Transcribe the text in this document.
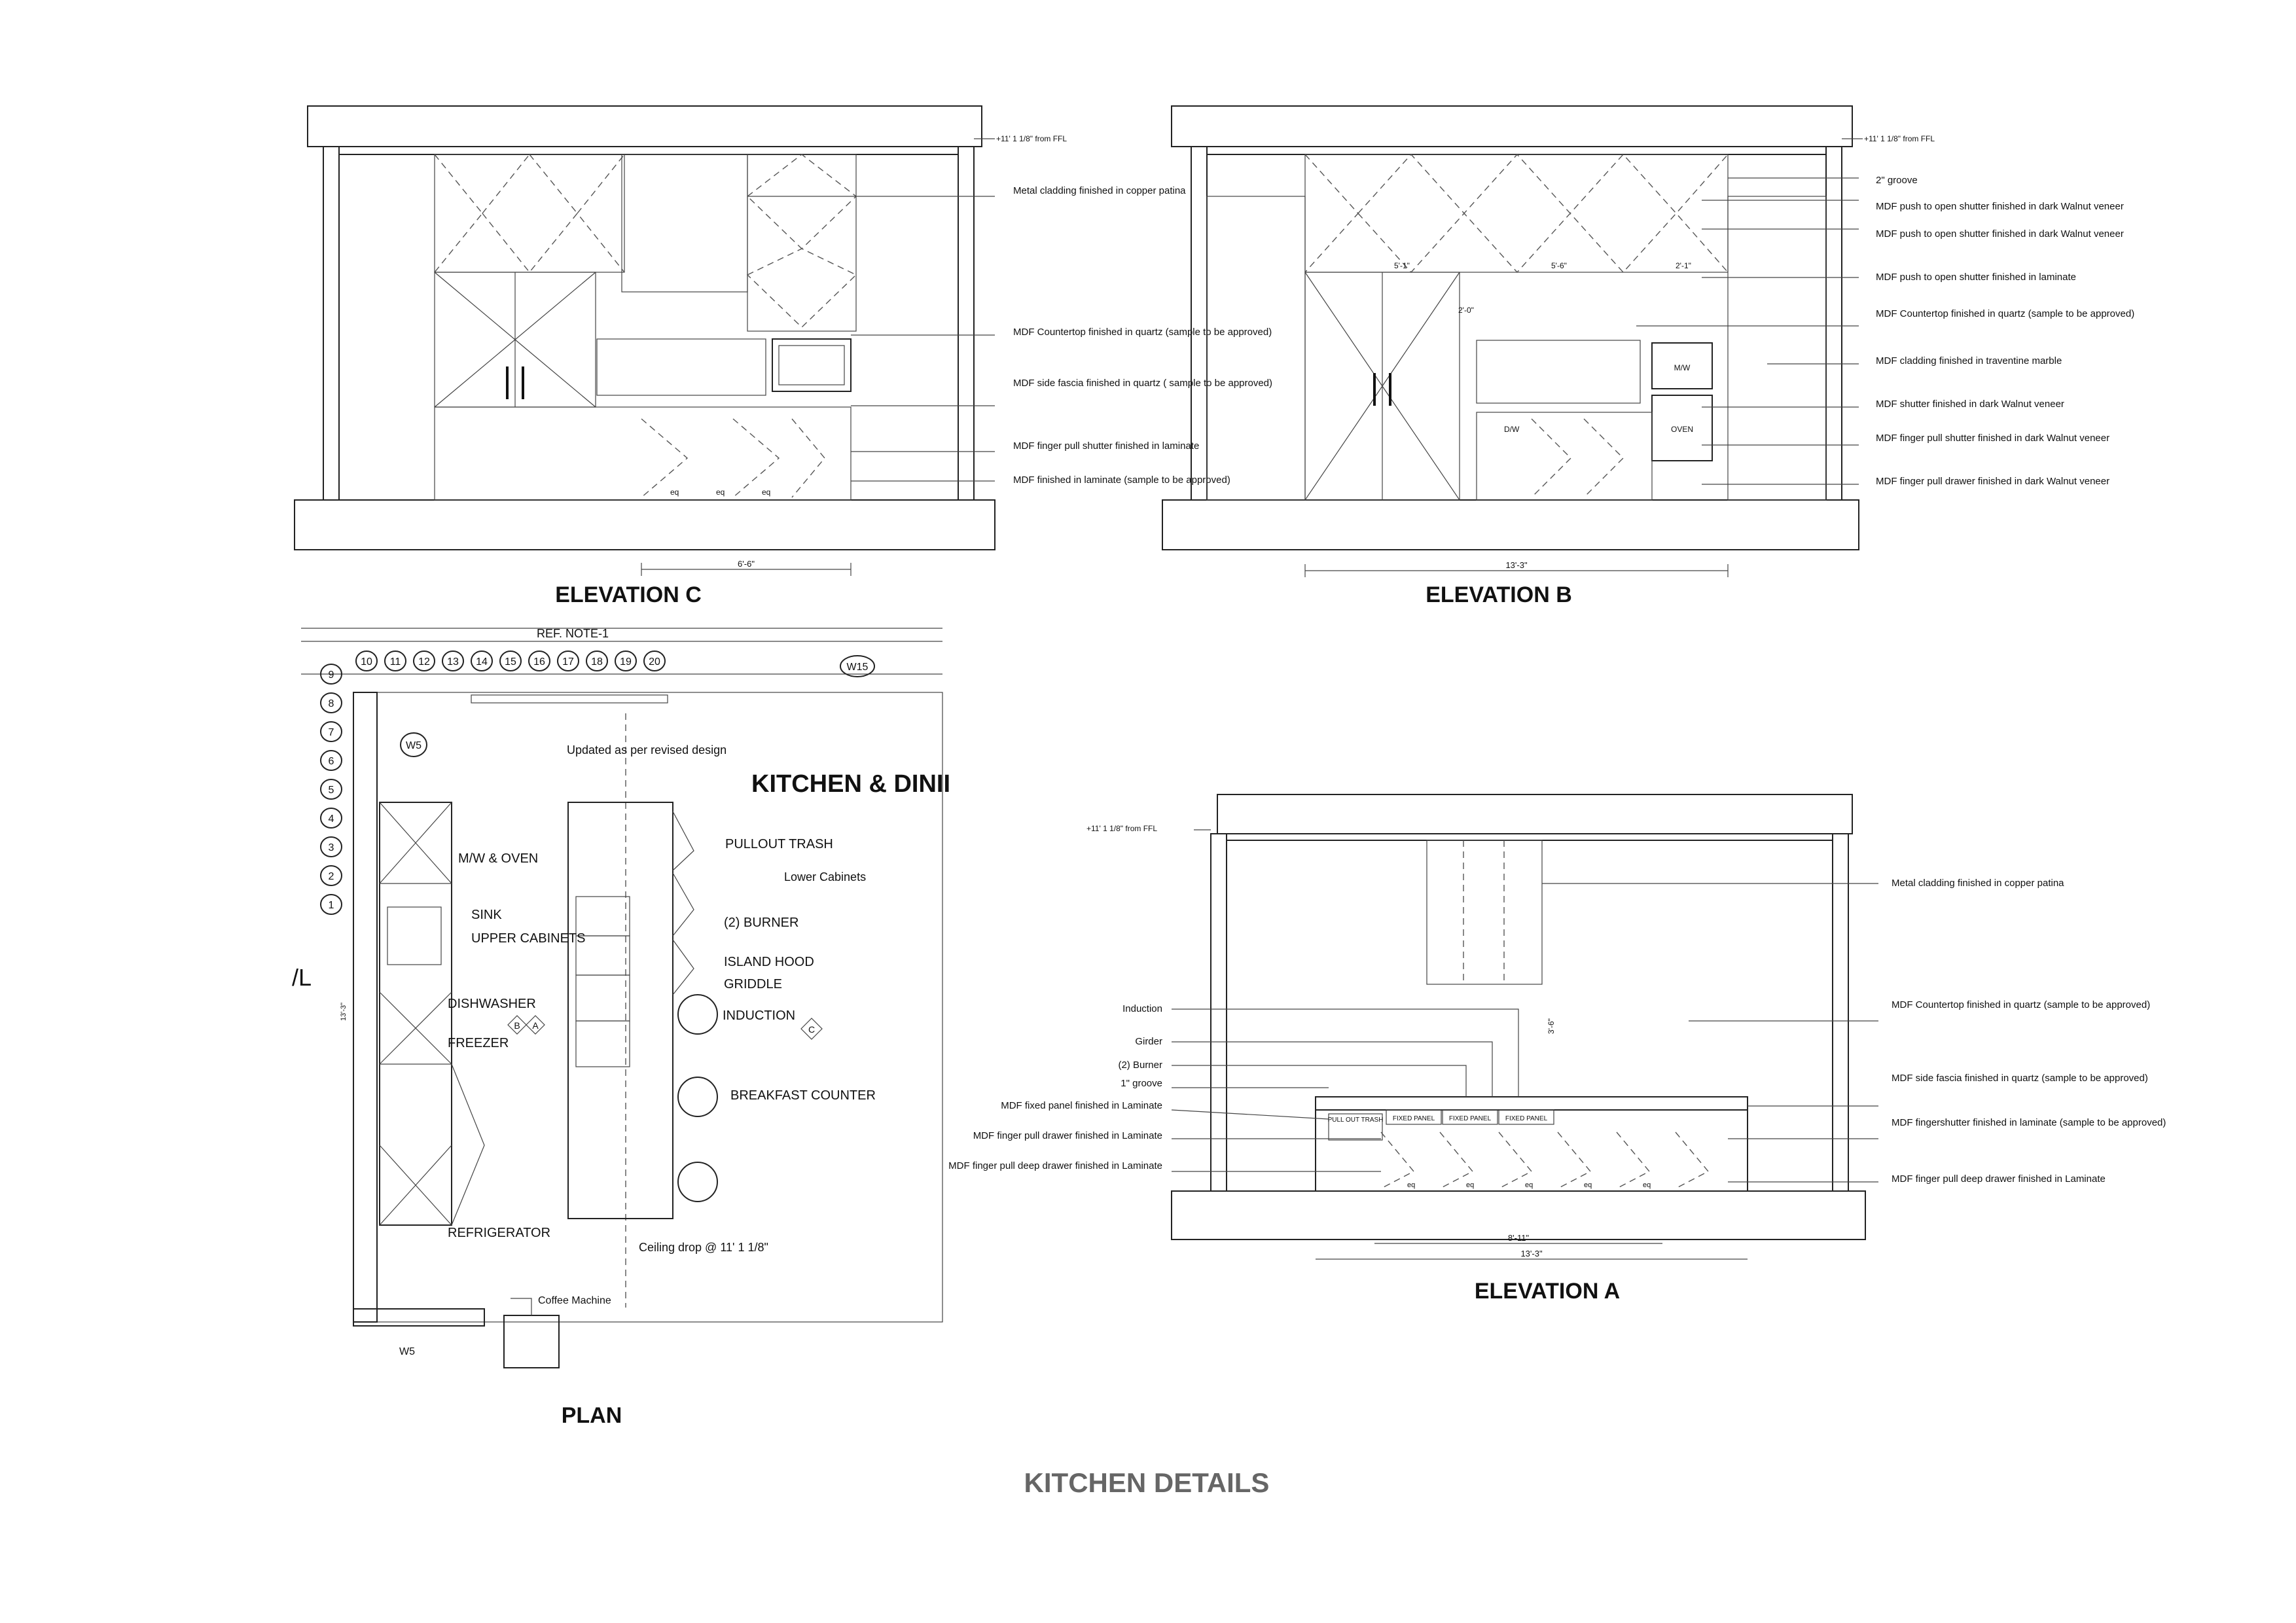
6'-6"
eq	eq	eq
+11' 1 1/8" from FFL
Metal cladding finished in copper patina
MDF Countertop finished in quartz (sample to be approved)
MDF side fascia finished in quartz ( sample to be approved)
MDF finger pull shutter finished in laminate
MDF finished in laminate (sample to be approved)
ELEVATION C
M/W
OVEN
D/W
13'-3"
5'-1"	5'-6"
2'-0"
2'-1"
+11' 1 1/8" from FFL
2" groove
MDF push to open shutter finished in dark Walnut veneer
MDF push to open shutter finished in dark Walnut veneer
MDF push to open shutter finished in laminate
MDF Countertop finished in quartz (sample to be approved)
MDF cladding finished in traventine marble
MDF shutter finished in dark Walnut veneer
MDF finger pull shutter finished in dark Walnut veneer
MDF finger pull drawer finished in dark Walnut veneer
ELEVATION B
REF. NOTE-1
10 11 12 13 14 15 16 17 18 19 20
9
8
7
6
5
4
3
2
1
W15
W5
W5
/L
13'-3"
KITCHEN & DINII
B A	C
Coffee Machine
Updated as per revised design
M/W & OVEN
SINK
UPPER CABINETS
DISHWASHER
FREEZER
REFRIGERATOR
PULLOUT TRASH
Lower Cabinets
(2) BURNER
ISLAND HOOD
GRIDDLE
INDUCTION
BREAKFAST COUNTER
Ceiling drop @ 11' 1 1/8"
PLAN
PULL OUT TRASH FIXED PANEL FIXED PANEL FIXED PANEL
eq	eq	eq	eq	eq
8'-11"
13'-3"
3'-6"
+11' 1 1/8" from FFL
Induction
Girder
(2) Burner
1" groove
MDF fixed panel finished in Laminate
MDF finger pull drawer finished in Laminate
MDF finger pull deep drawer finished in Laminate
Metal cladding finished in copper patina
MDF Countertop finished in quartz (sample to be approved)
MDF side fascia finished in quartz (sample to be approved)
MDF fingershutter finished in laminate (sample to be approved)
MDF finger pull deep drawer finished in Laminate
ELEVATION A
KITCHEN DETAILS
